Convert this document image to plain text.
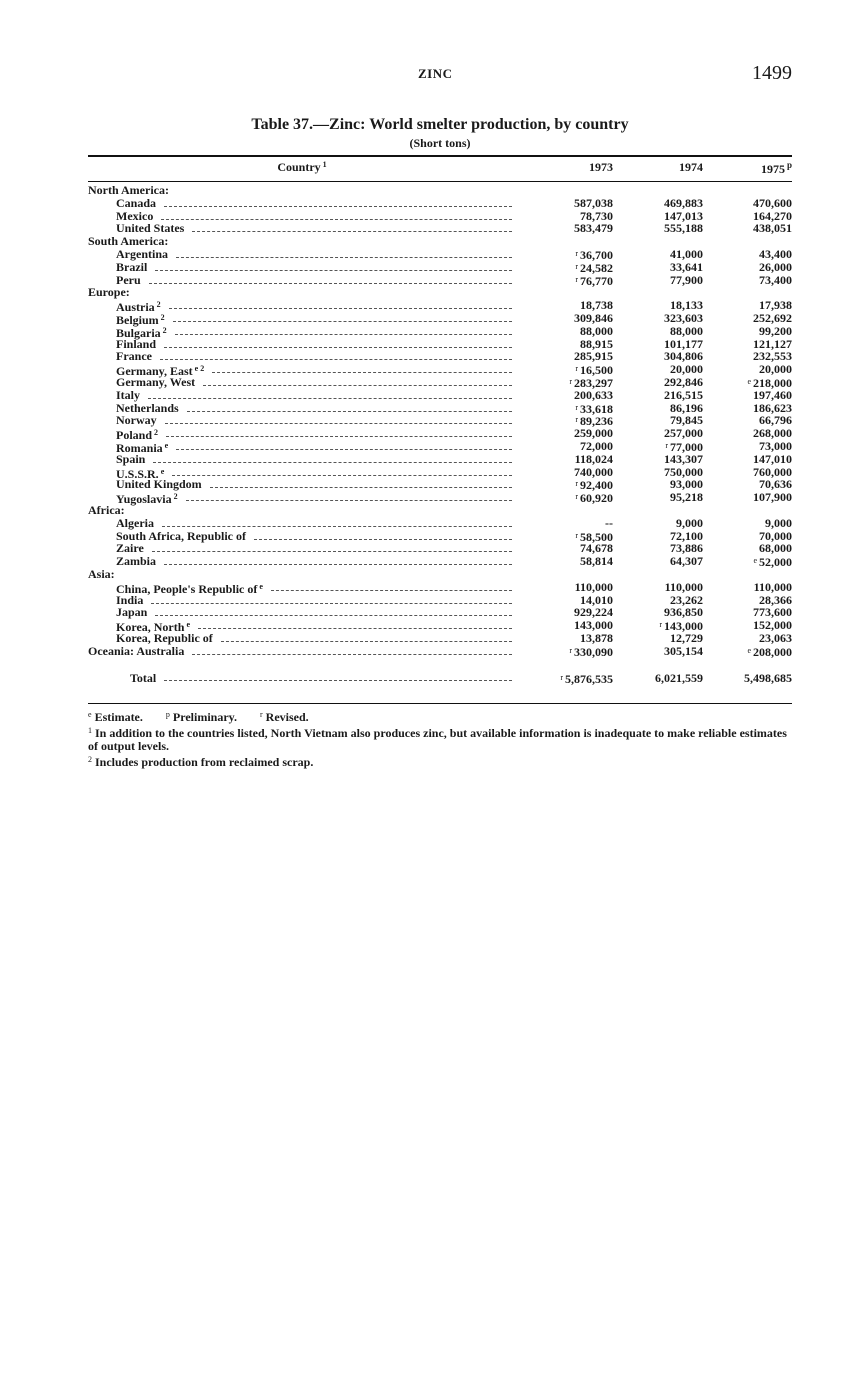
ZINC	1499
Table 37.—Zinc: World smelter production, by country
(Short tons)
Country $^1$	1973	1974	1975 $^p$
North America:
Canada	587,038	469,883	470,600
Mexico	78,730	147,013	164,270
United States	583,479	555,188	438,051
South America:
Argentina	$^r$ 36,700	41,000	43,400
Brazil	$^r$ 24,582	33,641	26,000
Peru	$^r$ 76,770	77,900	73,400
Europe:
Austria $^2$	18,738	18,133	17,938
Belgium $^2$	309,846	323,603	252,692
Bulgaria $^2$	88,000	88,000	99,200
Finland	88,915	101,177	121,127
France	285,915	304,806	232,553
Germany, East $^{e 2}$	$^r$ 16,500	20,000	20,000
Germany, West	$^r$ 283,297	292,846	$^e$ 218,000
Italy	200,633	216,515	197,460
Netherlands	$^r$ 33,618	86,196	186,623
Norway	$^r$ 89,236	79,845	66,796
Poland $^2$	259,000	257,000	268,000
Romania $^e$	72,000	$^r$ 77,000	73,000
Spain	118,024	143,307	147,010
U.S.S.R. $^e$	740,000	750,000	760,000
United Kingdom	$^r$ 92,400	93,000	70,636
Yugoslavia $^2$	$^r$ 60,920	95,218	107,900
Africa:
Algeria	--	9,000	9,000
South Africa, Republic of	$^r$ 58,500	72,100	70,000
Zaire	74,678	73,886	68,000
Zambia	58,814	64,307	$^e$ 52,000
Asia:
China, People's Republic of $^e$	110,000	110,000	110,000
India	14,010	23,262	28,366
Japan	929,224	936,850	773,600
Korea, North $^e$	143,000	$^r$ 143,000	152,000
Korea, Republic of	13,878	12,729	23,063
Oceania: Australia	$^r$ 330,090	305,154	$^e$ 208,000
Total	$^r$ 5,876,535	6,021,559	5,498,685
$^e$ Estimate.	$^p$ Preliminary.	$^r$ Revised.
$^1$ In addition to the countries listed, North Vietnam also produces zinc, but available information is inadequate to make reliable estimates of output levels.
$^2$ Includes production from reclaimed scrap.
